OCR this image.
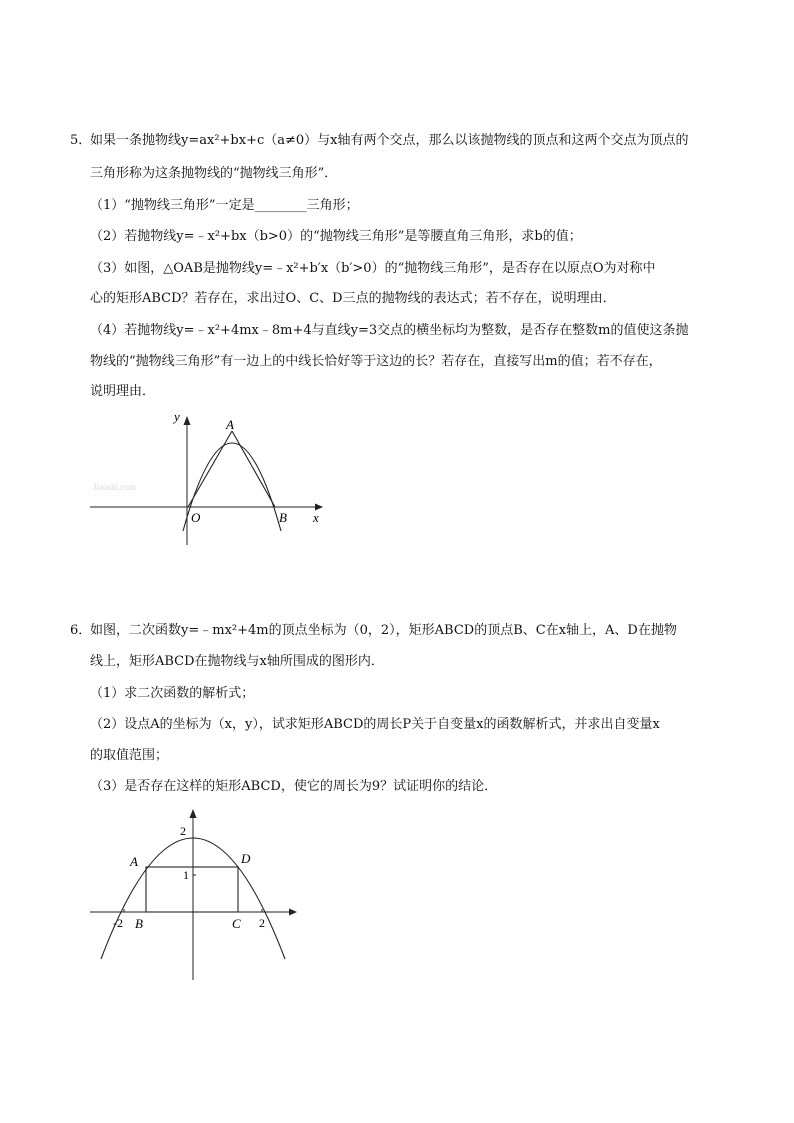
5．
如果一条抛物线y=ax²+bx+c（a≠0）与x轴有两个交点，那么以该抛物线的顶点和这两个交点为顶点的
三角形称为这条抛物线的“抛物线三角形”．
（1）“抛物线三角形”一定是________三角形；
（2）若抛物线y=﹣x²+bx（b>0）的“抛物线三角形”是等腰直角三角形，求b的值；
（3）如图，△OAB是抛物线y=﹣x²+b′x（b′>0）的“抛物线三角形”，是否存在以原点O为对称中
心的矩形ABCD？若存在，求出过O、C、D三点的抛物线的表达式；若不存在，说明理由．
（4）若抛物线y=﹣x²+4mx﹣8m+4与直线y=3交点的横坐标均为整数，是否存在整数m的值使这条抛
物线的“抛物线三角形”有一边上的中线长恰好等于这边的长？若存在，直接写出m的值；若不存在，
说明理由．
Jiaoshi.com
y
A
O	B x
6．
如图，二次函数y=﹣mx²+4m的顶点坐标为（0，2），矩形ABCD的顶点B、C在x轴上，A、D在抛物
线上，矩形ABCD在抛物线与x轴所围成的图形内．
（1）求二次函数的解析式；
（2）设点A的坐标为（x，y），试求矩形ABCD的周长P关于自变量x的函数解析式，并求出自变量x
的取值范围；
（3）是否存在这样的矩形ABCD，使它的周长为9？试证明你的结论．
2
1
A	D
-2 B	C 2
